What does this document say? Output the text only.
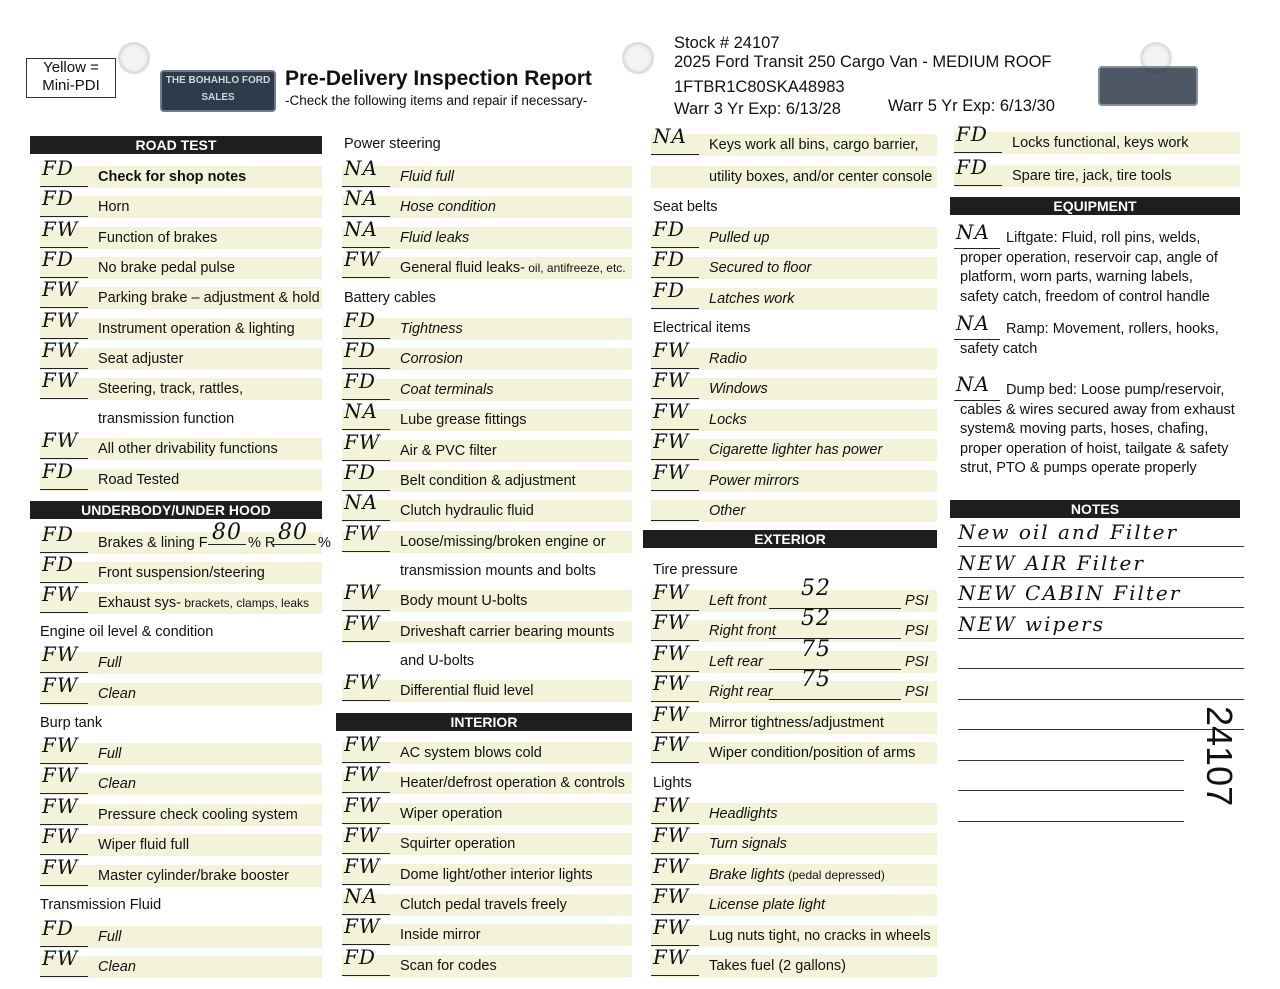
Yellow =
Mini-PDI	THE BOHAHLO FORD SALES
Pre-Delivery Inspection Report
-Check the following items and repair if necessary-
Stock # 24107
2025 Ford Transit 250 Cargo Van - MEDIUM ROOF
1FTBR1C80SKA48983
Warr 3 Yr Exp: 6/13/28	Warr 5 Yr Exp: 6/13/30
ROAD TEST
FD Check for shop notes
FD Horn
FW Function of brakes
FD No brake pedal pulse
FW Parking brake – adjustment & hold
FW Instrument operation & lighting
FW Seat adjuster
FW Steering, track, rattles,
transmission function
FW All other drivability functions
FD Road Tested
UNDERBODY/UNDER HOOD
FD Brakes & lining F 80 % R 80 %
FD Front suspension/steering
FW Exhaust sys- brackets, clamps, leaks
Engine oil level & condition
FW Full
FW Clean
Burp tank
FW Full
FW Clean
FW Pressure check cooling system
FW Wiper fluid full
FW Master cylinder/brake booster
Transmission Fluid
FD Full
FW Clean
Power steering
NA Fluid full
NA Hose condition
NA Fluid leaks
FW General fluid leaks- oil, antifreeze, etc.
Battery cables
FD Tightness
FD Corrosion
FD Coat terminals
NA Lube grease fittings
FW Air & PVC filter
FD Belt condition & adjustment
NA Clutch hydraulic fluid
FW Loose/missing/broken engine or
transmission mounts and bolts
FW Body mount U-bolts
FW Driveshaft carrier bearing mounts
and U-bolts
FW Differential fluid level
INTERIOR
FW AC system blows cold
FW Heater/defrost operation & controls
FW Wiper operation
FW Squirter operation
FW Dome light/other interior lights
NA Clutch pedal travels freely
FW Inside mirror
FD Scan for codes
NA Keys work all bins, cargo barrier,
utility boxes, and/or center console
Seat belts
FD Pulled up
FD Secured to floor
FD Latches work
Electrical items
FW Radio
FW Windows
FW Locks
FW Cigarette lighter has power
FW Power mirrors
Other
EXTERIOR
Tire pressure
FW Left front 52	PSI
FW Right front 52	PSI
FW Left rear 75	PSI
FW Right rear 75	PSI
FW Mirror tightness/adjustment
FW Wiper condition/position of arms
Lights
FW Headlights
FW Turn signals
FW Brake lights (pedal depressed)
FW License plate light
FW Lug nuts tight, no cracks in wheels
FW Takes fuel (2 gallons)
FD Locks functional, keys work
FD Spare tire, jack, tire tools
EQUIPMENT
NA Liftgate: Fluid, roll pins, welds,
proper operation, reservoir cap, angle of
platform, worn parts, warning labels,
safety catch, freedom of control handle
NA Ramp: Movement, rollers, hooks,
safety catch
NA Dump bed: Loose pump/reservoir,
cables & wires secured away from exhaust
system& moving parts, hoses, chafing,
proper operation of hoist, tailgate & safety
strut, PTO & pumps operate properly
NOTES
New oil and Filter
NEW AIR Filter
NEW CABIN Filter
NEW wipers
24107
